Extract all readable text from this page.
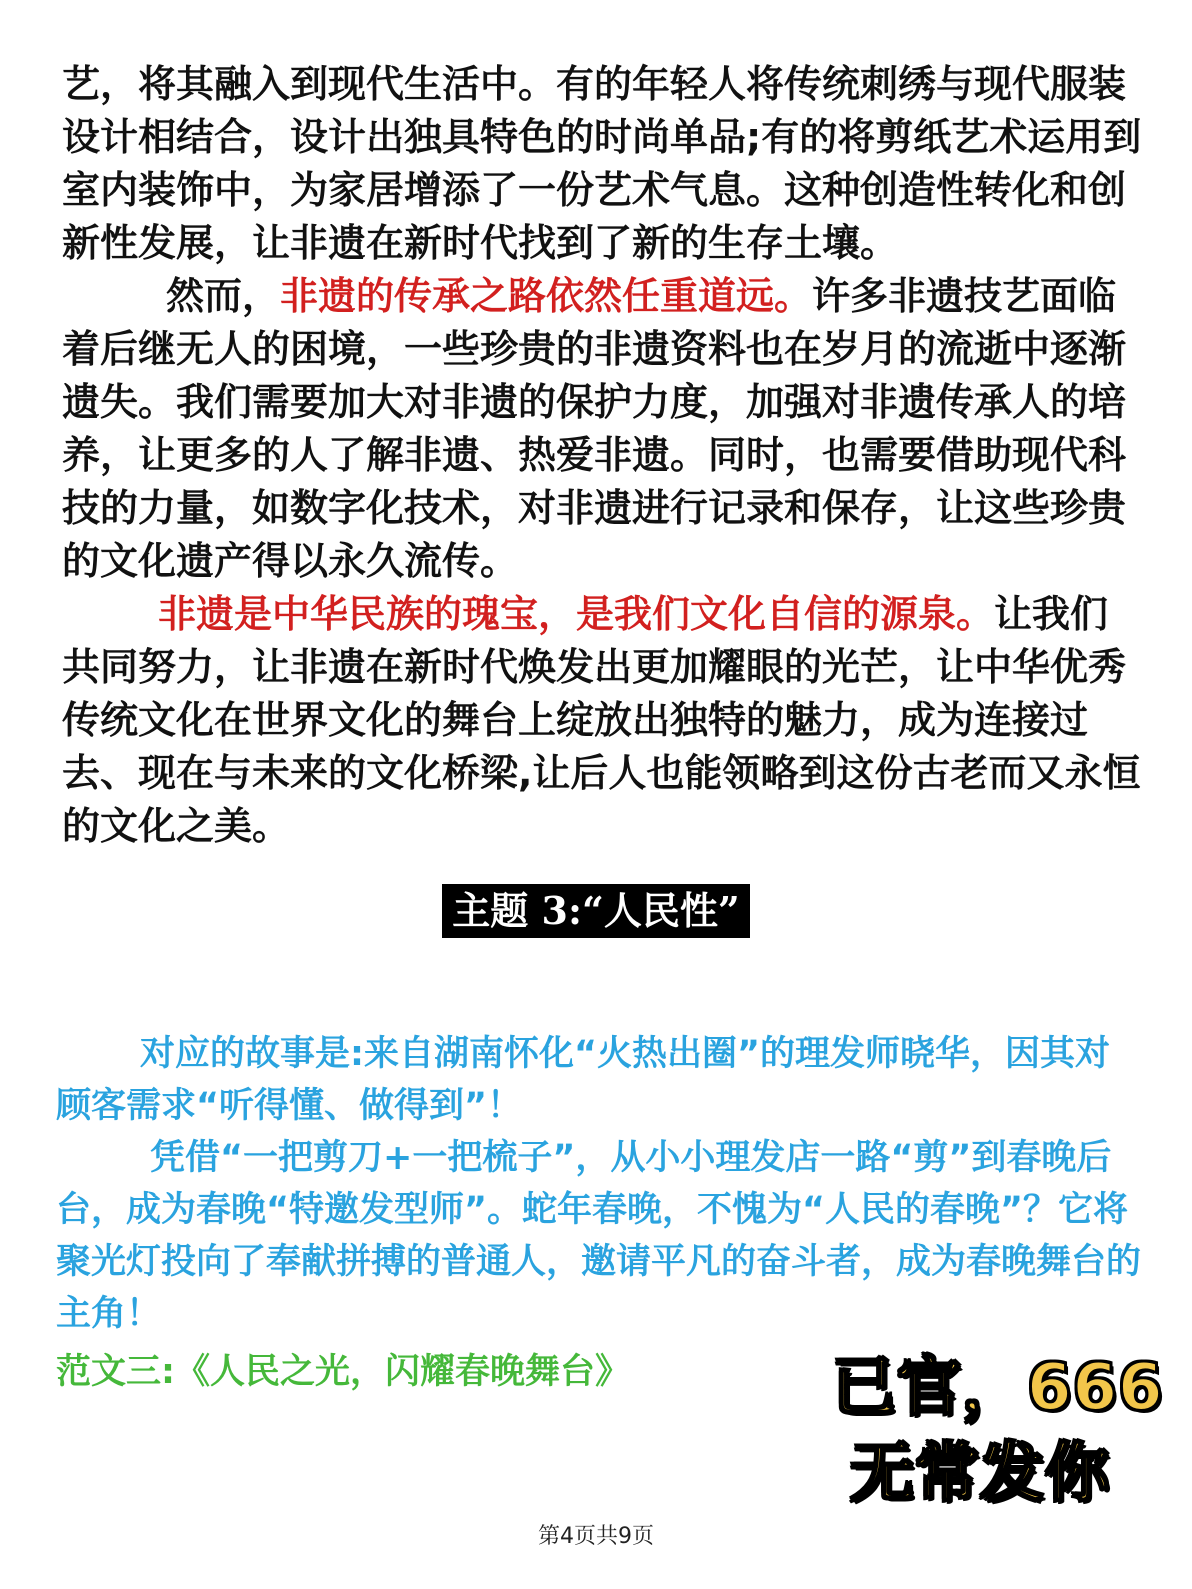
艺，将其融入到现代生活中。有的年轻人将传统刺绣与现代服装设计相结合，设计出独具特色的时尚单品;有的将剪纸艺术运用到室内装饰中，为家居增添了一份艺术气息。这种创造性转化和创新性发展，让非遗在新时代找到了新的生存土壤。

然而，非遗的传承之路依然任重道远。许多非遗技艺面临着后继无人的困境，一些珍贵的非遗资料也在岁月的流逝中逐渐遗失。我们需要加大对非遗的保护力度，加强对非遗传承人的培养，让更多的人了解非遗、热爱非遗。同时，也需要借助现代科技的力量，如数字化技术，对非遗进行记录和保存，让这些珍贵的文化遗产得以永久流传。

非遗是中华民族的瑰宝，是我们文化自信的源泉。让我们共同努力，让非遗在新时代焕发出更加耀眼的光芒，让中华优秀传统文化在世界文化的舞台上绽放出独特的魅力，成为连接过去、现在与未来的文化桥梁,让后人也能领略到这份古老而又永恒的文化之美。

主题 3:“人民性”

对应的故事是:来自湖南怀化“火热出圈”的理发师晓华，因其对顾客需求“听得懂、做得到”！

凭借“一把剪刀+一把梳子”，从小小理发店一路“剪”到春晚后台，成为春晚“特邀发型师”。蛇年春晚，不愧为“人民的春晚”？它将聚光灯投向了奉献拼搏的普通人，邀请平凡的奋斗者，成为春晚舞台的主角！

范文三:《人民之光，闪耀春晚舞台》	已官，666
无常发你
第4页共9页
